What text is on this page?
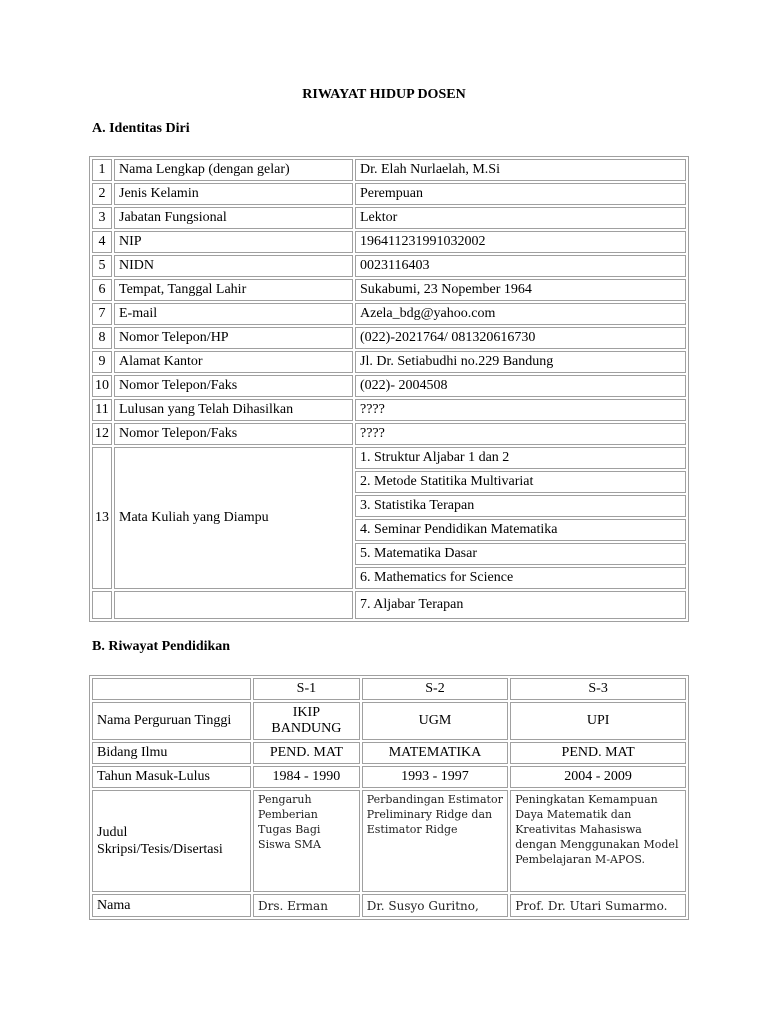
RIWAYAT HIDUP DOSEN
A. Identitas Diri
1	Nama Lengkap (dengan gelar)	Dr. Elah Nurlaelah, M.Si
2	Jenis Kelamin	Perempuan
3	Jabatan Fungsional	Lektor
4	NIP	196411231991032002
5	NIDN	0023116403
6	Tempat, Tanggal Lahir	Sukabumi, 23 Nopember 1964
7	E-mail	Azela_bdg@yahoo.com
8	Nomor Telepon/HP	(022)-2021764/ 081320616730
9	Alamat Kantor	Jl. Dr. Setiabudhi no.229 Bandung
10	Nomor Telepon/Faks	(022)- 2004508
11	Lulusan yang Telah Dihasilkan	????
12	Nomor Telepon/Faks	????
13	Mata Kuliah yang Diampu	1. Struktur Aljabar 1 dan 2
		2. Metode Statitika Multivariat
		3. Statistika Terapan
		4. Seminar Pendidikan Matematika
		5. Matematika Dasar
		6. Mathematics for Science
		7. Aljabar Terapan
B. Riwayat Pendidikan
	S-1	S-2	S-3
Nama Perguruan Tinggi	IKIP BANDUNG	UGM	UPI
Bidang Ilmu	PEND. MAT	MATEMATIKA	PEND. MAT
Tahun Masuk-Lulus	1984 - 1990	1993 - 1997	2004 - 2009
Judul Skripsi/Tesis/Disertasi	Pengaruh Pemberian Tugas Bagi Siswa SMA	Perbandingan Estimator Preliminary Ridge dan Estimator Ridge	Peningkatan Kemampuan Daya Matematik dan Kreativitas Mahasiswa dengan Menggunakan Model Pembelajaran M-APOS.
Nama	Drs. Erman	Dr. Susyo Guritno,	Prof. Dr. Utari Sumarmo.
